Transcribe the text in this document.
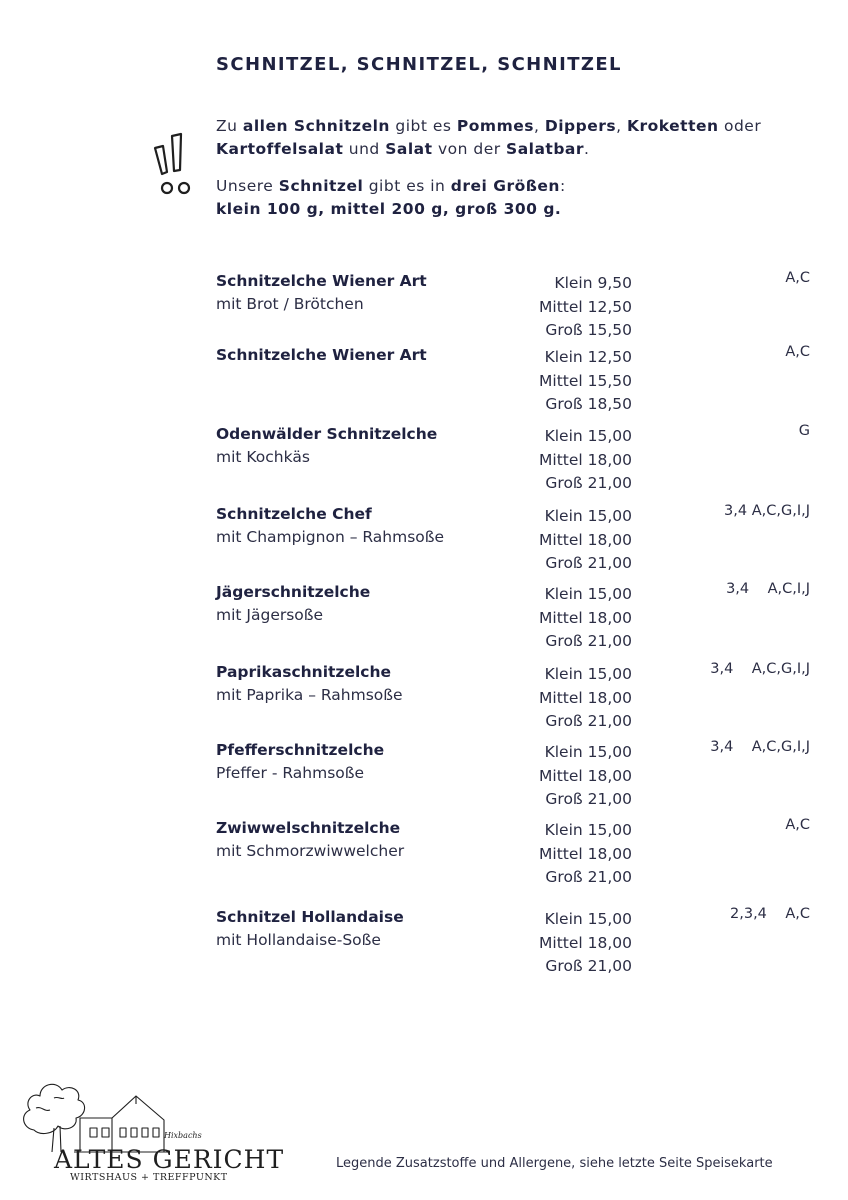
SCHNITZEL, SCHNITZEL, SCHNITZEL
Zu allen Schnitzeln gibt es Pommes, Dippers, Kroketten oder
Kartoffelsalat und Salat von der Salatbar.
Unsere Schnitzel gibt es in drei Größen:
klein 100 g, mittel 200 g, groß 300 g.
Schnitzelche Wiener Art
mit Brot / Brötchen
Klein 9,50
Mittel 12,50
Groß 15,50
A,C
Schnitzelche Wiener Art	Klein 12,50
Mittel 15,50
Groß 18,50
A,C
Odenwälder Schnitzelche
mit Kochkäs
Klein 15,00
Mittel 18,00
Groß 21,00
G
Schnitzelche Chef
mit Champignon – Rahmsoße
Klein 15,00
Mittel 18,00
Groß 21,00
3,4 A,C,G,I,J
Jägerschnitzelche
mit Jägersoße
Klein 15,00
Mittel 18,00
Groß 21,00
3,4    A,C,I,J
Paprikaschnitzelche
mit Paprika – Rahmsoße
Klein 15,00
Mittel 18,00
Groß 21,00
3,4    A,C,G,I,J
Pfefferschnitzelche
Pfeffer - Rahmsoße
Klein 15,00
Mittel 18,00
Groß 21,00
3,4    A,C,G,I,J
Zwiwwelschnitzelche
mit Schmorzwiwwelcher
Klein 15,00
Mittel 18,00
Groß 21,00
A,C
Schnitzel Hollandaise
mit Hollandaise-Soße
Klein 15,00
Mittel 18,00
Groß 21,00
2,3,4    A,C
Hixbachs
ALTES GERICHT
WIRTSHAUS + TREFFPUNKT
Legende Zusatzstoffe und Allergene, siehe letzte Seite Speisekarte
